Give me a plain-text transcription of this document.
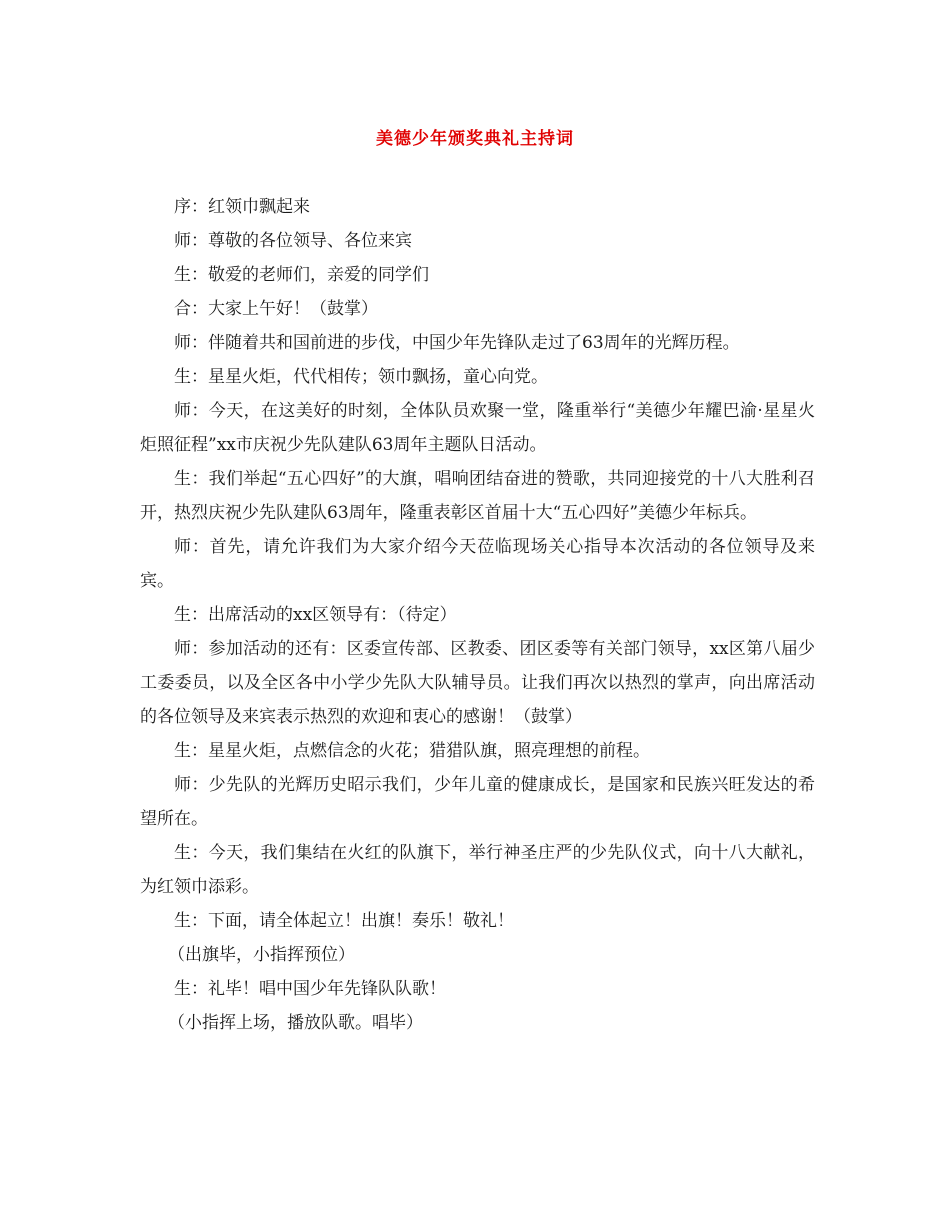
美德少年颁奖典礼主持词

序：红领巾飘起来

师：尊敬的各位领导、各位来宾

生：敬爱的老师们，亲爱的同学们

合：大家上午好！（鼓掌）

师：伴随着共和国前进的步伐，中国少年先锋队走过了63周年的光辉历程。

生：星星火炬，代代相传；领巾飘扬，童心向党。

师：今天，在这美好的时刻，全体队员欢聚一堂，隆重举行“美德少年耀巴渝·星星火炬照征程”xx市庆祝少先队建队63周年主题队日活动。

生：我们举起“五心四好”的大旗，唱响团结奋进的赞歌，共同迎接党的十八大胜利召开，热烈庆祝少先队建队63周年，隆重表彰区首届十大“五心四好”美德少年标兵。

师：首先，请允许我们为大家介绍今天莅临现场关心指导本次活动的各位领导及来宾。

生：出席活动的xx区领导有：（待定）

师：参加活动的还有：区委宣传部、区教委、团区委等有关部门领导，xx区第八届少工委委员，以及全区各中小学少先队大队辅导员。让我们再次以热烈的掌声，向出席活动的各位领导及来宾表示热烈的欢迎和衷心的感谢！（鼓掌）

生：星星火炬，点燃信念的火花；猎猎队旗，照亮理想的前程。

师：少先队的光辉历史昭示我们，少年儿童的健康成长，是国家和民族兴旺发达的希望所在。

生：今天，我们集结在火红的队旗下，举行神圣庄严的少先队仪式，向十八大献礼，为红领巾添彩。

生：下面，请全体起立！出旗！奏乐！敬礼！

（出旗毕，小指挥预位）

生：礼毕！唱中国少年先锋队队歌！

（小指挥上场，播放队歌。唱毕）
